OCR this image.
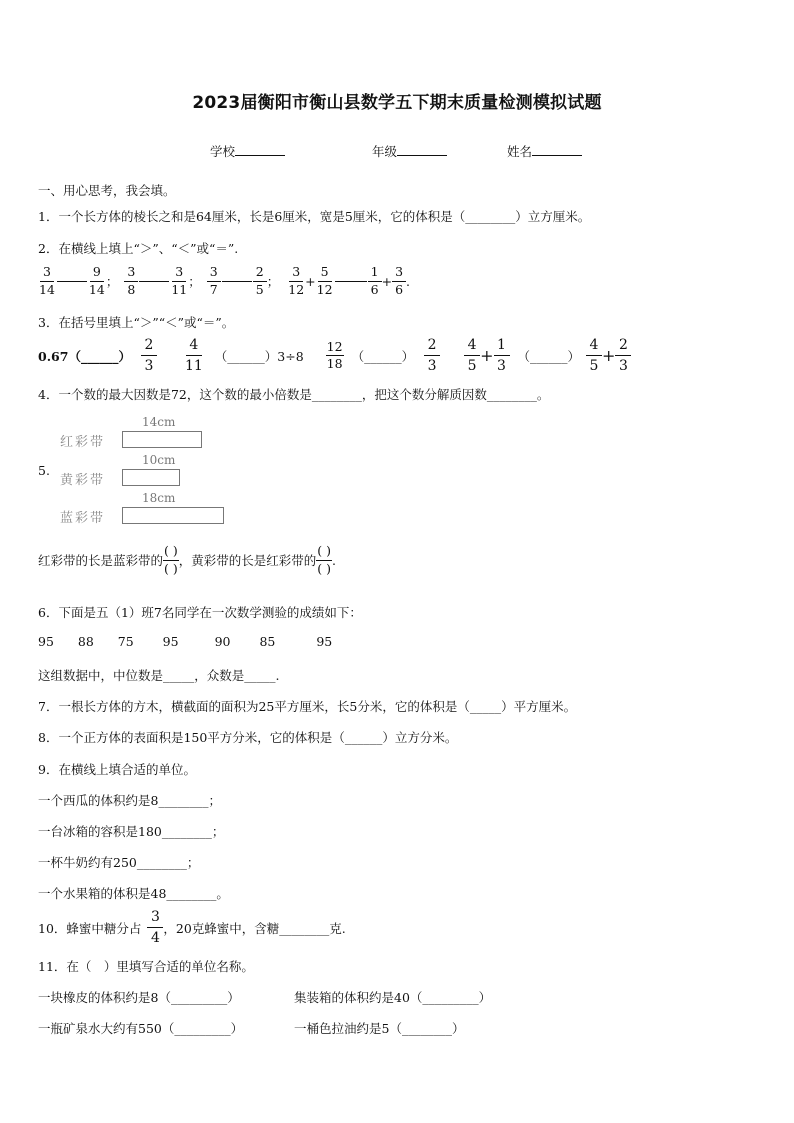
2023届衡阳市衡山县数学五下期末质量检测模拟试题
学校	年级	姓名
一、用心思考，我会填。
1．一个长方体的棱长之和是64厘米，长是6厘米，宽是5厘米，它的体积是（________）立方厘米。
2．在横线上填上“＞”、“＜”或“＝”.
$\frac{3}{14}$	$\frac{9}{14}$ ； $\frac{3}{8}$	$\frac{3}{11}$ ； $\frac{3}{7}$	$\frac{2}{5}$ ； $\frac{3}{12} + \frac{5}{12}$	$\frac{1}{6} + \frac{3}{6}$ .
3．在括号里填上“＞”“＜”或“＝”。
0.67（______） $\frac{2}{3} \frac{4}{11}$ （______）3÷8 $\frac{12}{18}$ （______） $\frac{2}{3} \frac{4}{5} + \frac{1}{3}$ （______） $\frac{4}{5} + \frac{2}{3}$
4．一个数的最大因数是72，这个数的最小倍数是________，把这个数分解质因数________。
5.
14cm
红彩带
10cm
黄彩带
18cm
蓝彩带
红彩带的长是蓝彩带的 $\frac{( )}{( )}$ ，黄彩带的长是红彩带的 $\frac{( )}{( )}$ .
6．下面是五（1）班7名同学在一次数学测验的成绩如下：
95 88 75 95	90 85	95
这组数据中，中位数是_____，众数是_____.
7．一根长方体的方木，横截面的面积为25平方厘米，长5分米，它的体积是（_____）平方厘米。
8．一个正方体的表面积是150平方分米，它的体积是（______）立方分米。
9．在横线上填合适的单位。
一个西瓜的体积约是8________；
一台冰箱的容积是180________；
一杯牛奶约有250________；
一个水果箱的体积是48________。
10．蜂蜜中糖分占 $\frac{3}{4}$ ，20克蜂蜜中，含糖________克.
11．在（　）里填写合适的单位名称。
一块橡皮的体积约是8（_________）	集装箱的体积约是40（_________）
一瓶矿泉水大约有550（_________）	一桶色拉油约是5（________）
